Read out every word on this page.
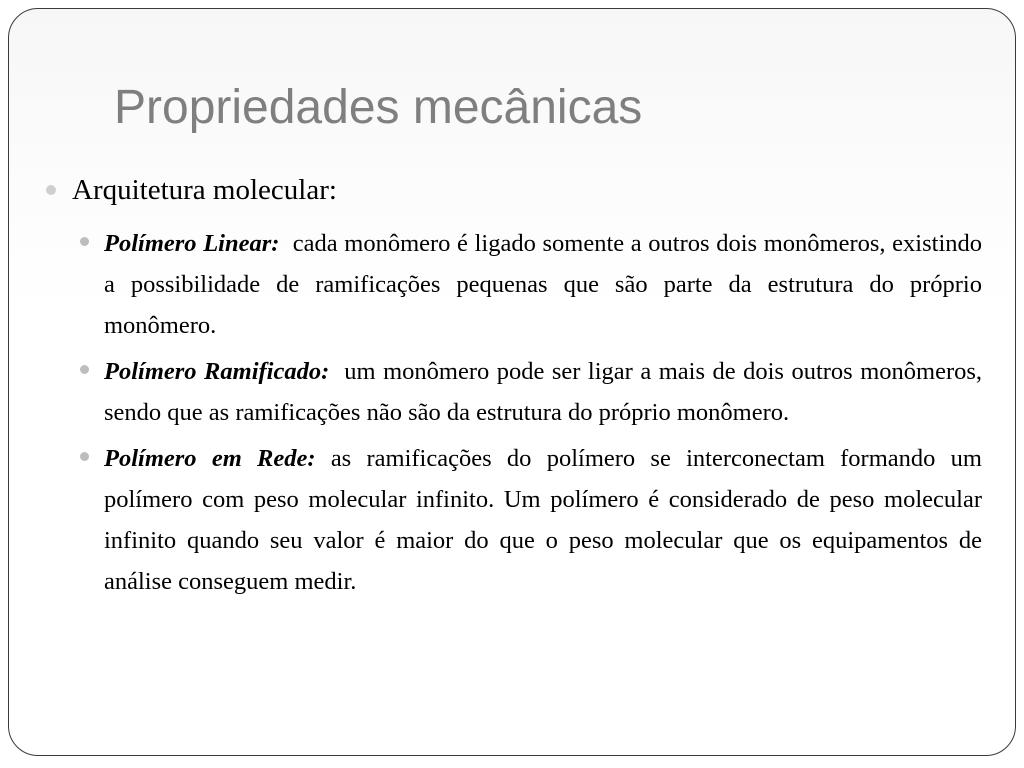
Propriedades mecânicas
Arquitetura molecular:
Polímero Linear: cada monômero é ligado somente a outros dois monômeros, existindo a possibilidade de ramificações pequenas que são parte da estrutura do próprio monômero.
Polímero Ramificado: um monômero pode ser ligar a mais de dois outros monômeros, sendo que as ramificações não são da estrutura do próprio monômero.
Polímero em Rede: as ramificações do polímero se interconectam formando um polímero com peso molecular infinito. Um polímero é considerado de peso molecular infinito quando seu valor é maior do que o peso molecular que os equipamentos de análise conseguem medir.
